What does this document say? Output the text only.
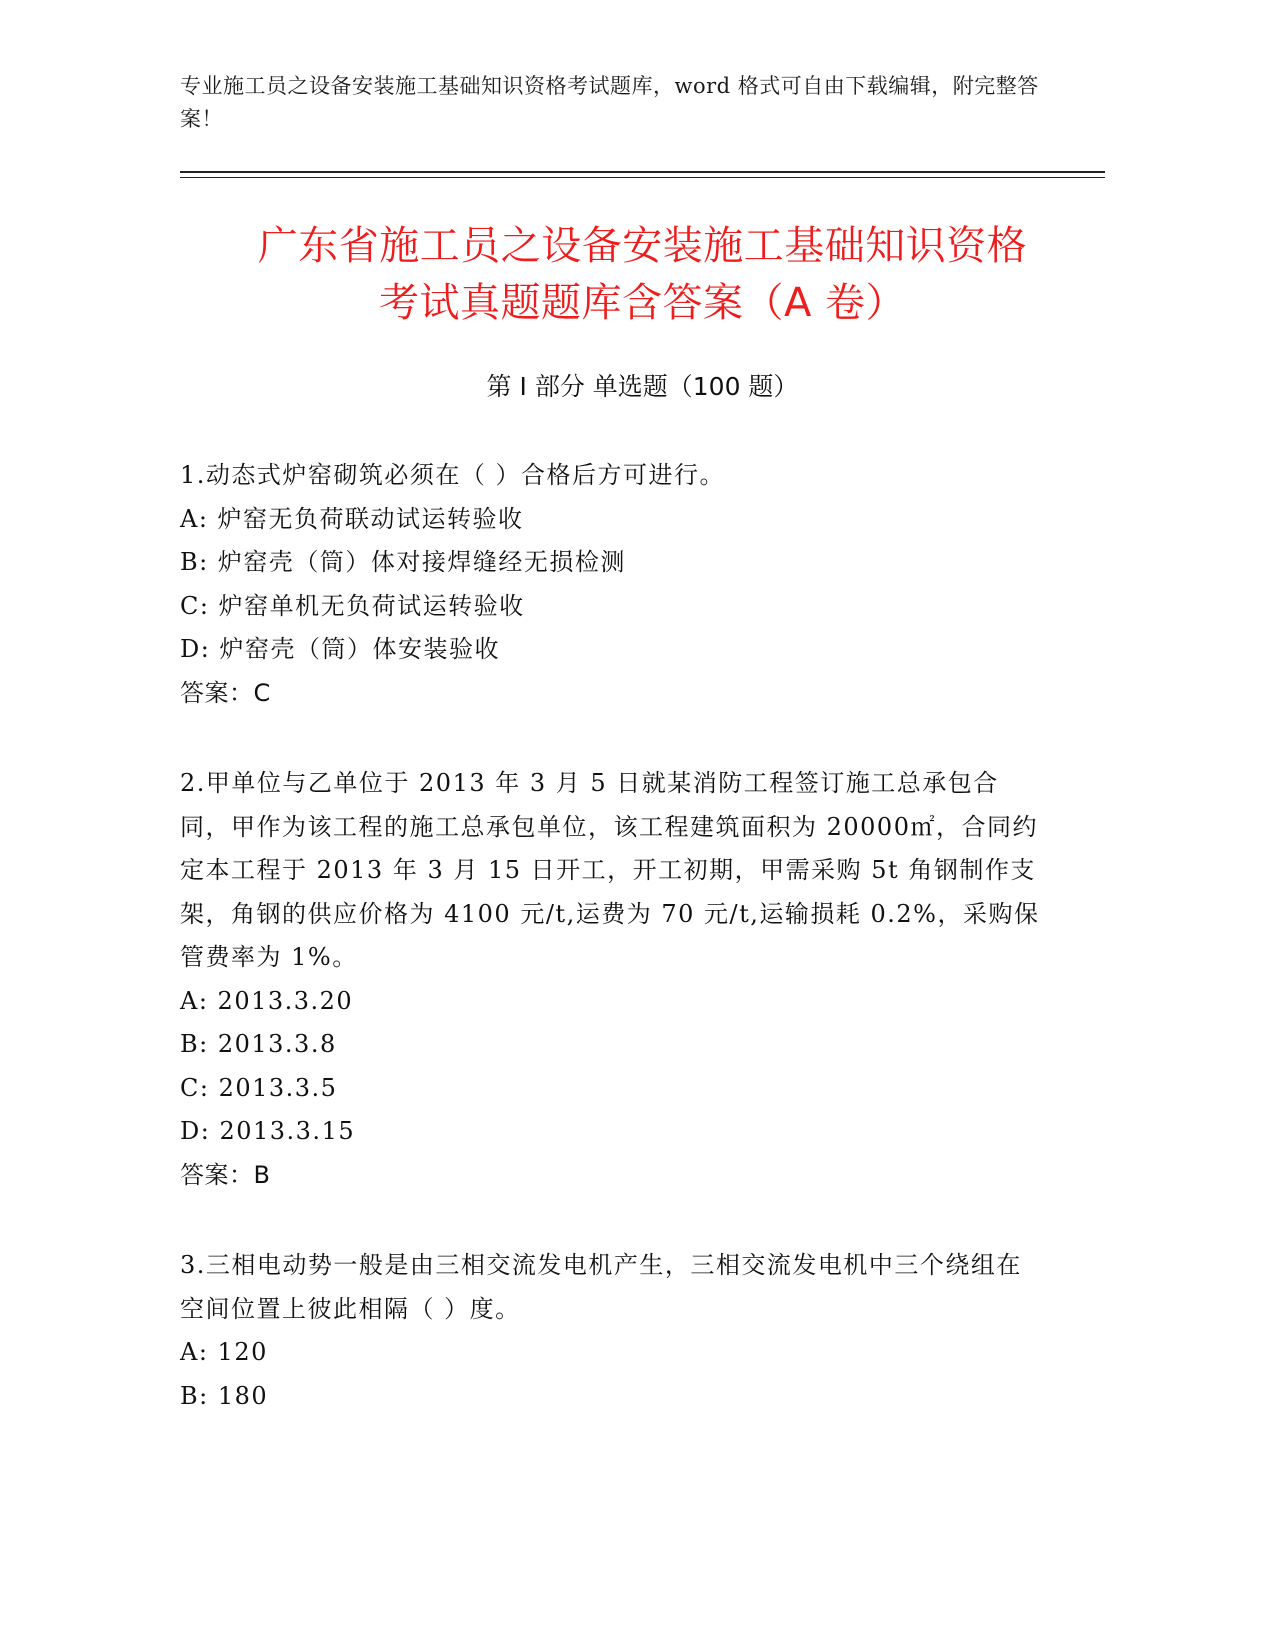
专业施工员之设备安装施工基础知识资格考试题库，word 格式可自由下载编辑，附完整答案！
广东省施工员之设备安装施工基础知识资格
考试真题题库含答案（A 卷）
第 I 部分 单选题（100 题）
1.动态式炉窑砌筑必须在（ ）合格后方可进行。
A: 炉窑无负荷联动试运转验收
B: 炉窑壳（筒）体对接焊缝经无损检测
C: 炉窑单机无负荷试运转验收
D: 炉窑壳（筒）体安装验收
答案：C
2.甲单位与乙单位于 2013 年 3 月 5 日就某消防工程签订施工总承包合同，甲作为该工程的施工总承包单位，该工程建筑面积为 20000㎡，合同约定本工程于 2013 年 3 月 15 日开工，开工初期，甲需采购 5t 角钢制作支架，角钢的供应价格为 4100 元/t,运费为 70 元/t,运输损耗 0.2%，采购保管费率为 1%。
A: 2013.3.20
B: 2013.3.8
C: 2013.3.5
D: 2013.3.15
答案：B
3.三相电动势一般是由三相交流发电机产生，三相交流发电机中三个绕组在空间位置上彼此相隔（ ）度。
A: 120
B: 180
